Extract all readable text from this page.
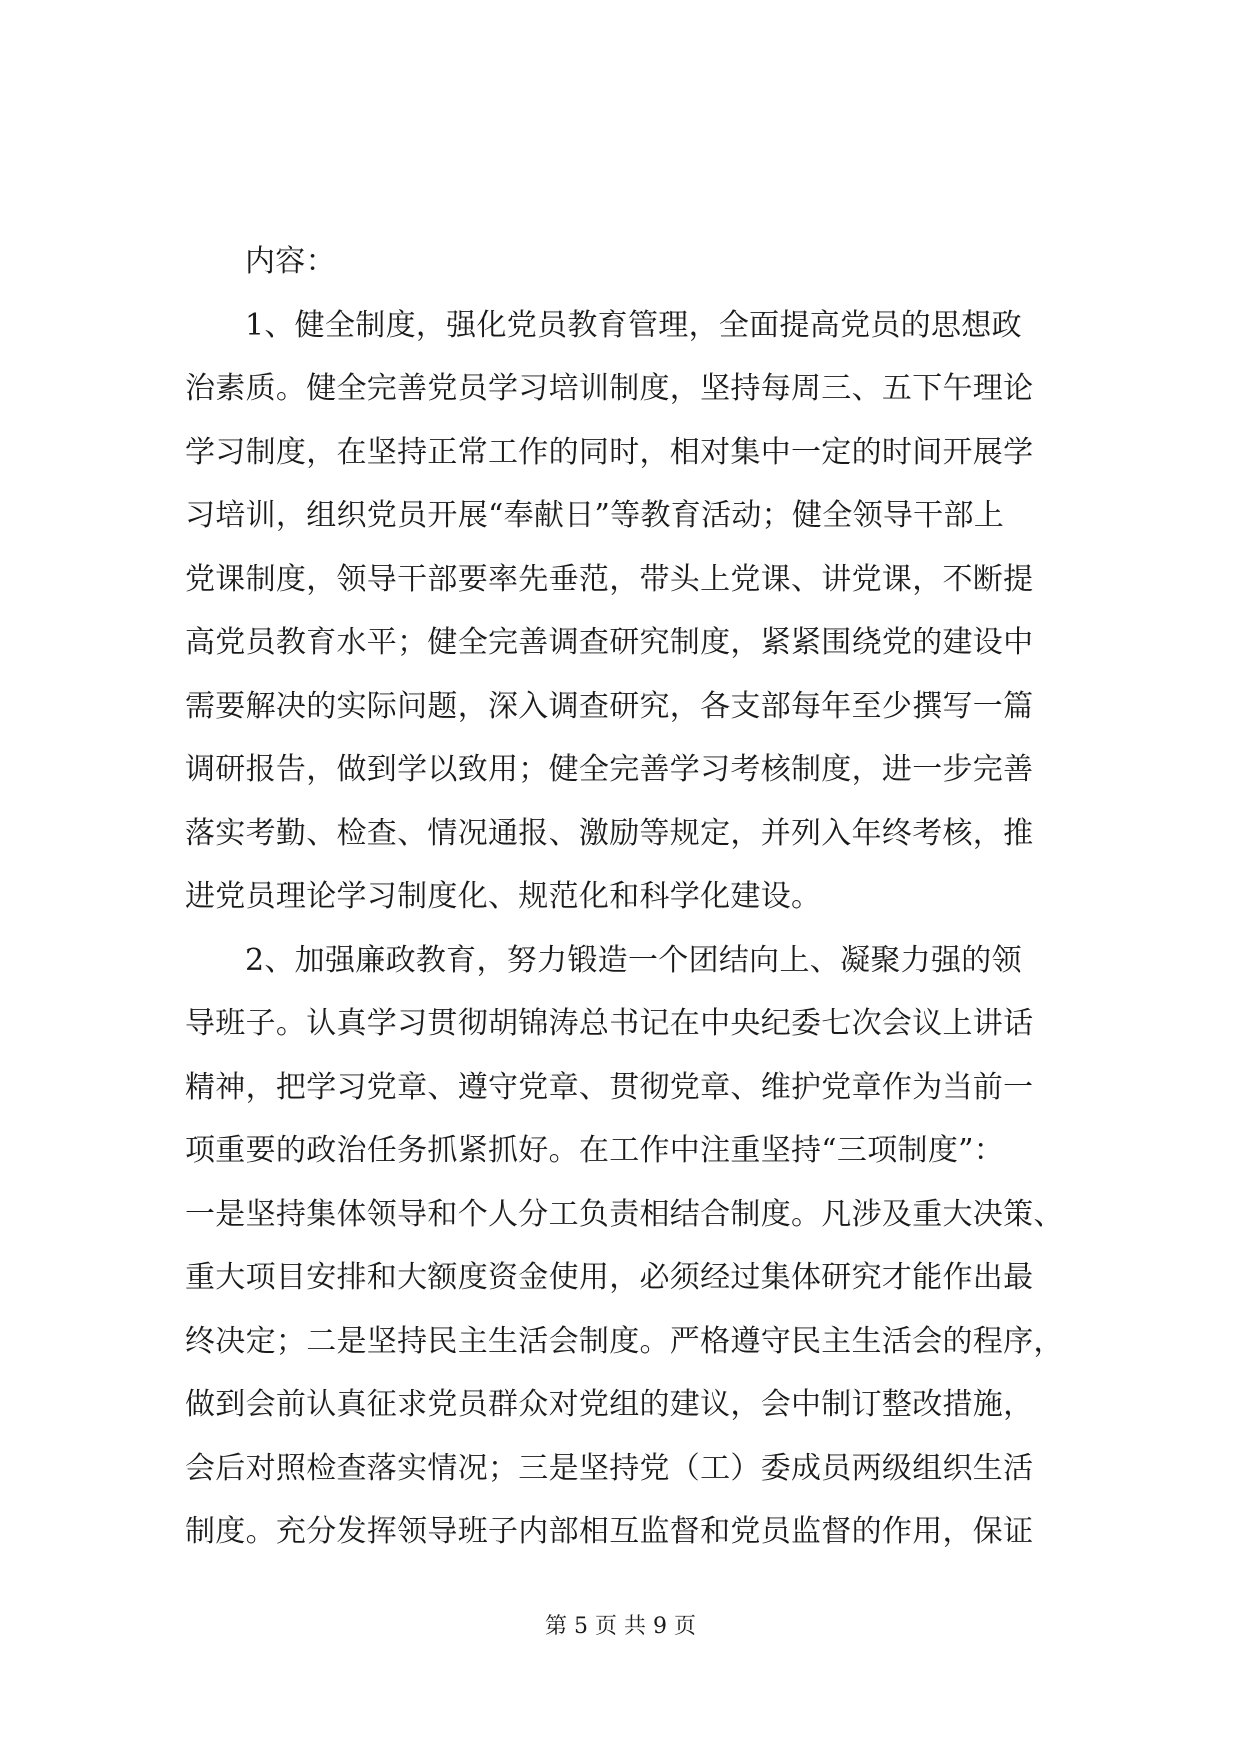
内容：
1、健全制度，强化党员教育管理，全面提高党员的思想政
治素质。健全完善党员学习培训制度，坚持每周三、五下午理论
学习制度，在坚持正常工作的同时，相对集中一定的时间开展学
习培训，组织党员开展“奉献日”等教育活动；健全领导干部上
党课制度，领导干部要率先垂范，带头上党课、讲党课，不断提
高党员教育水平；健全完善调查研究制度，紧紧围绕党的建设中
需要解决的实际问题，深入调查研究，各支部每年至少撰写一篇
调研报告，做到学以致用；健全完善学习考核制度，进一步完善
落实考勤、检查、情况通报、激励等规定，并列入年终考核，推
进党员理论学习制度化、规范化和科学化建设。
2、加强廉政教育，努力锻造一个团结向上、凝聚力强的领
导班子。认真学习贯彻胡锦涛总书记在中央纪委七次会议上讲话
精神，把学习党章、遵守党章、贯彻党章、维护党章作为当前一
项重要的政治任务抓紧抓好。在工作中注重坚持“三项制度”：
一是坚持集体领导和个人分工负责相结合制度。凡涉及重大决策、
重大项目安排和大额度资金使用，必须经过集体研究才能作出最
终决定；二是坚持民主生活会制度。严格遵守民主生活会的程序，
做到会前认真征求党员群众对党组的建议，会中制订整改措施，
会后对照检查落实情况；三是坚持党（工）委成员两级组织生活
制度。充分发挥领导班子内部相互监督和党员监督的作用，保证
第 5 页 共 9 页
